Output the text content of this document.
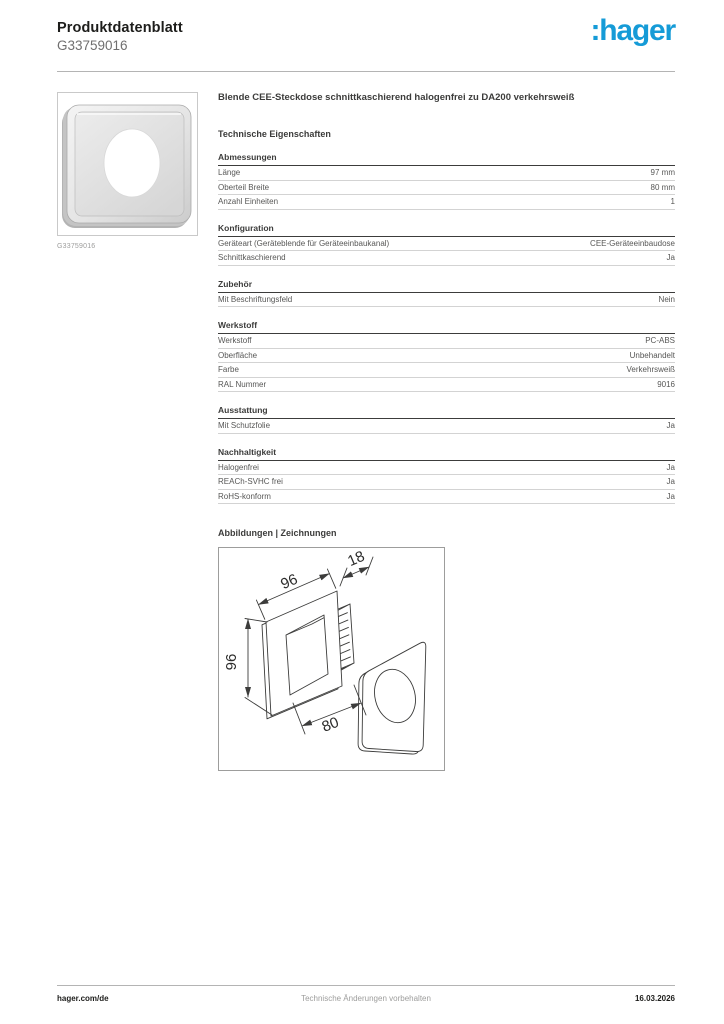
Produktdatenblatt
G33759016	:hager
G33759016

Blende CEE-Steckdose schnittkaschierend halogenfrei zu DA200 verkehrsweiß

Technische Eigenschaften
Abmessungen
Länge	97 mm
Oberteil Breite	80 mm
Anzahl Einheiten	1
Konfiguration
Geräteart (Geräteblende für Geräteeinbaukanal)	CEE-Geräteeinbaudose
Schnittkaschierend	Ja
Zubehör
Mit Beschriftungsfeld	Nein
Werkstoff
Werkstoff	PC-ABS
Oberfläche	Unbehandelt
Farbe	Verkehrsweiß
RAL Nummer	9016
Ausstattung
Mit Schutzfolie	Ja
Nachhaltigkeit
Halogenfrei	Ja
REACh-SVHC frei	Ja
RoHS-konform	Ja
Abbildungen | Zeichnungen
96
18
96
80
hager.com/de	Technische Änderungen vorbehalten	16.03.2026
